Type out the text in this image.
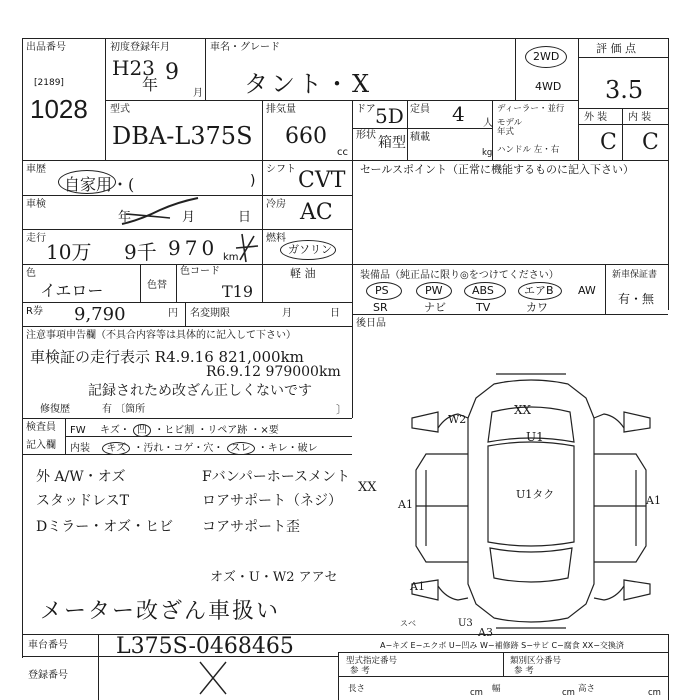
出品番号
[2189]
1028
初度登録年月
H23
年 9
月
車名・グレード
タント・X
2WD
4WD
評 価 点
3.5
外 装 内 装
C C
型式
DBA-L375S
排気量
660
cc
ドア 5D 定員 4 人
ディーラー・並行
モデル
年式
形状 箱型 積載
kg ハンドル 左・右
車歴
自家用・(	)
シフト CVT
車検
年	月	日
冷房 AC
走行
10万 9千 970 km
燃料
ガソリン
軽 油
色
イエロー	色替
色コード
T19
R券 9,790	円 名変期限	月	日
注意事項申告欄（不具合内容等は具体的に記入して下さい）
車検証の走行表示 R4.9.16 821,000km
R6.9.12 979000km
記録されため改ざん正しくないです
修復歴	有 〔箇所	〕
検査員
記入欄
FW キズ・ 凹 ・ヒビ割 ・リペア跡 ・×要
内装 キズ ・汚れ・コゲ・穴・ スレ ・キレ・破レ
外 A/W・オズ
スタッドレスT
Dミラー・オズ・ヒビ
Fバンパーホースメント
ロアサポート（ネジ）
コアサポート歪
XX
オズ・U・W2 アアセ
メーター改ざん車扱い
セールスポイント（正常に機能するものに記入下さい）
装備品（純正品に限り◎をつけてください）	新車保証書
有・無
PS	PW	ABS	エアB AW
SR	ナビ	TV	カワ
後日品
W2
XX
U1
U1タク
A1	A1
A1
スベ	U3
A3
A−キズ E−エクボ U−凹み W−補修跡 S−サビ C−腐食 XX−交換済
車台番号 L375S-0468465
登録番号
型式指定番号
参 考
類別区分番号
参 考
長さ	cm 幅	cm 高さ	cm
